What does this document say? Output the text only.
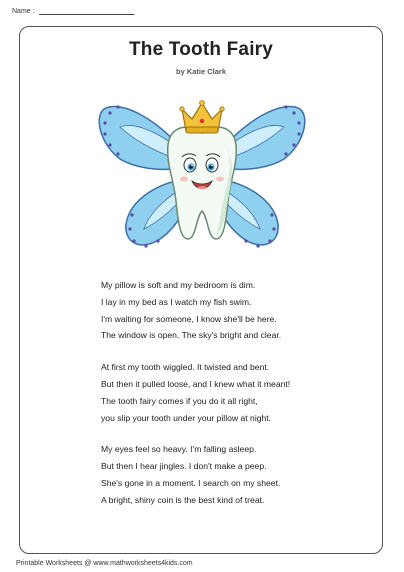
Name :
The Tooth Fairy
by Katie Clark
My pillow is soft and my bedroom is dim.
I lay in my bed as I watch my fish swim.
I'm waiting for someone, I know she'll be here.
The window is open. The sky's bright and clear.
At first my tooth wiggled. It twisted and bent.
But then it pulled loose, and I knew what it meant!
The tooth fairy comes if you do it all right,
you slip your tooth under your pillow at night.
My eyes feel so heavy. I'm falling asleep.
But then I hear jingles. I don't make a peep.
She's gone in a moment. I search on my sheet.
A bright, shiny coin is the best kind of treat.
Printable Worksheets @ www.mathworksheets4kids.com
